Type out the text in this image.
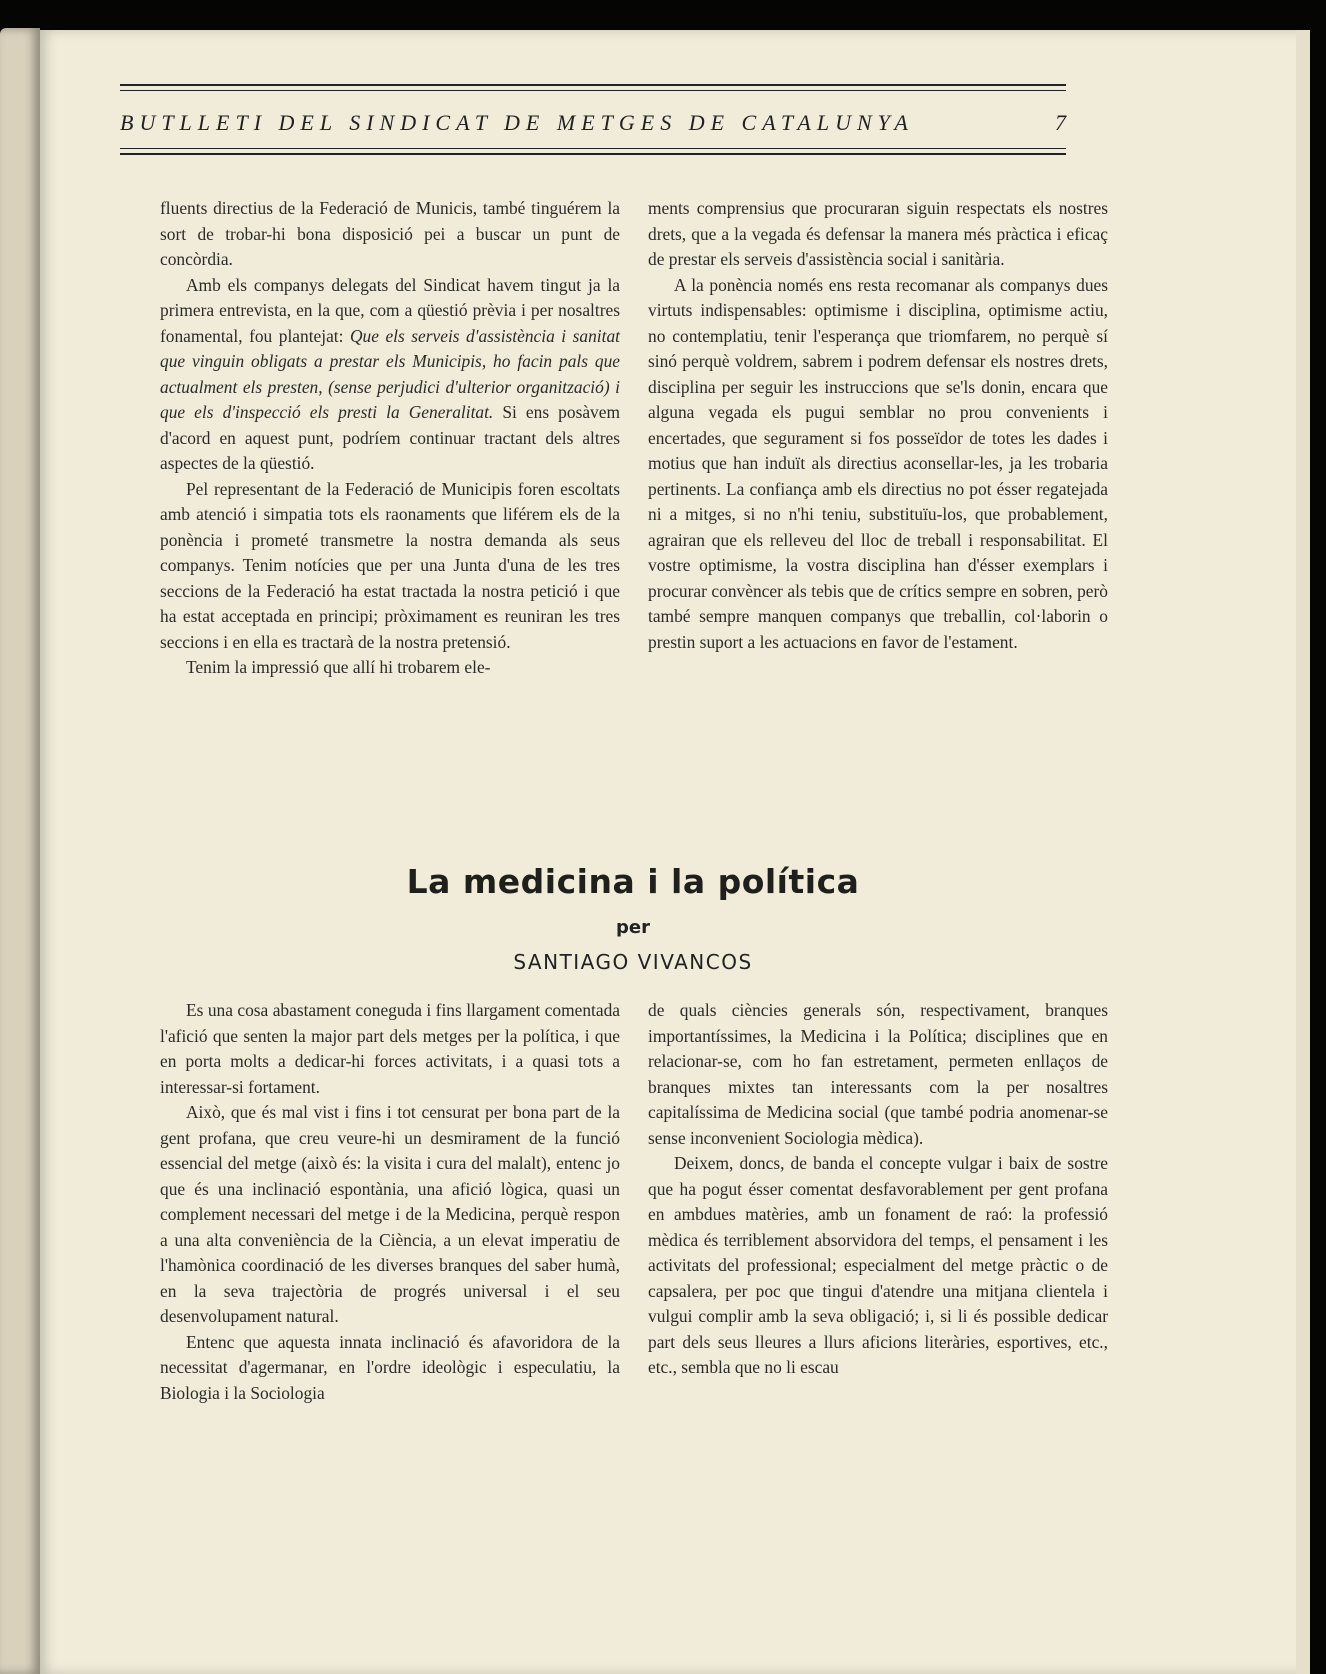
BUTLLETI DEL SINDICAT DE METGES DE CATALUNYA	7

fluents directius de la Federació de Municis, també tinguérem la sort de trobar-hi bona disposició pei a buscar un punt de concòrdia.

Amb els companys delegats del Sindicat havem tingut ja la primera entrevista, en la que, com a qüestió prèvia i per nosaltres fonamental, fou plantejat: Que els serveis d'assistència i sanitat que vinguin obligats a prestar els Municipis, ho facin pals que actualment els presten, (sense perjudici d'ulterior organització) i que els d'inspecció els presti la Generalitat. Si ens posàvem d'acord en aquest punt, podríem continuar tractant dels altres aspectes de la qüestió.

Pel representant de la Federació de Municipis foren escoltats amb atenció i simpatia tots els raonaments que liférem els de la ponència i prometé transmetre la nostra demanda als seus companys. Tenim notícies que per una Junta d'una de les tres seccions de la Federació ha estat tractada la nostra petició i que ha estat acceptada en principi; pròximament es reuniran les tres seccions i en ella es tractarà de la nostra pretensió.

Tenim la impressió que allí hi trobarem ele-

ments comprensius que procuraran siguin respectats els nostres drets, que a la vegada és defensar la manera més pràctica i eficaç de prestar els serveis d'assistència social i sanitària.

A la ponència només ens resta recomanar als companys dues virtuts indispensables: optimisme i disciplina, optimisme actiu, no contemplatiu, tenir l'esperança que triomfarem, no perquè sí sinó perquè voldrem, sabrem i podrem defensar els nostres drets, disciplina per seguir les instruccions que se'ls donin, encara que alguna vegada els pugui semblar no prou convenients i encertades, que segurament si fos posseïdor de totes les dades i motius que han induït als directius aconsellar-les, ja les trobaria pertinents. La confiança amb els directius no pot ésser regatejada ni a mitges, si no n'hi teniu, substituïu-los, que probablement, agrairan que els relleveu del lloc de treball i responsabilitat. El vostre optimisme, la vostra disciplina han d'ésser exemplars i procurar convèncer als tebis que de crítics sempre en sobren, però també sempre manquen companys que treballin, col·laborin o prestin suport a les actuacions en favor de l'estament.

La medicina i la política
per
SANTIAGO VIVANCOS

Es una cosa abastament coneguda i fins llargament comentada l'afició que senten la major part dels metges per la política, i que en porta molts a dedicar-hi forces activitats, i a quasi tots a interessar-si fortament.

Això, que és mal vist i fins i tot censurat per bona part de la gent profana, que creu veure-hi un desmirament de la funció essencial del metge (això és: la visita i cura del malalt), entenc jo que és una inclinació espontània, una afició lògica, quasi un complement necessari del metge i de la Medicina, perquè respon a una alta conveniència de la Ciència, a un elevat imperatiu de l'hamònica coordinació de les diverses branques del saber humà, en la seva trajectòria de progrés universal i el seu desenvolupament natural.

Entenc que aquesta innata inclinació és afavoridora de la necessitat d'agermanar, en l'ordre ideològic i especulatiu, la Biologia i la Sociologia

de quals ciències generals són, respectivament, branques importantíssimes, la Medicina i la Política; disciplines que en relacionar-se, com ho fan estretament, permeten enllaços de branques mixtes tan interessants com la per nosaltres capitalíssima de Medicina social (que també podria anomenar-se sense inconvenient Sociologia mèdica).

Deixem, doncs, de banda el concepte vulgar i baix de sostre que ha pogut ésser comentat desfavorablement per gent profana en ambdues matèries, amb un fonament de raó: la professió mèdica és terriblement absorvidora del temps, el pensament i les activitats del professional; especialment del metge pràctic o de capsalera, per poc que tingui d'atendre una mitjana clientela i vulgui complir amb la seva obligació; i, si li és possible dedicar part dels seus lleures a llurs aficions literàries, esportives, etc., etc., sembla que no li escau
